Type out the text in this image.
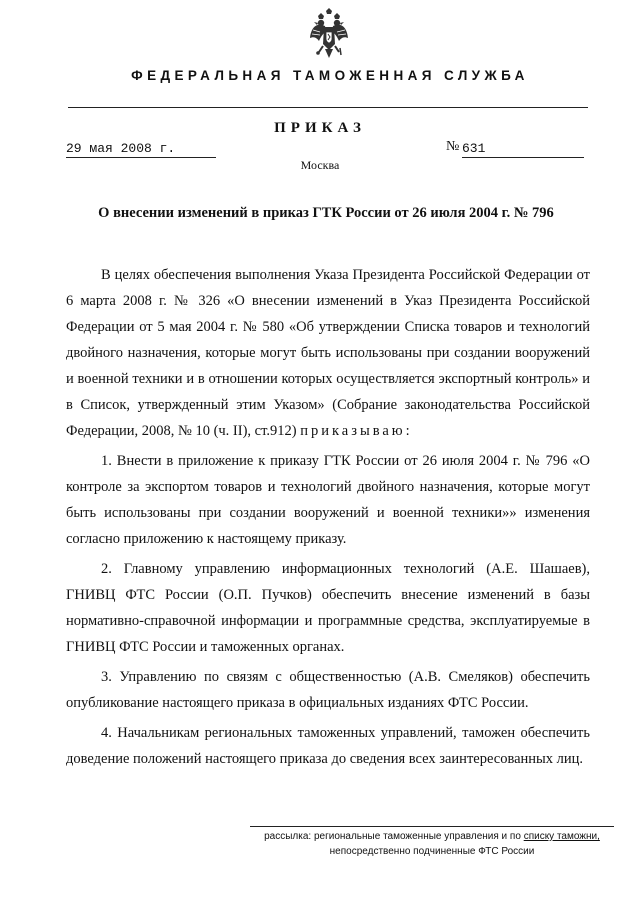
ФЕДЕРАЛЬНАЯ ТАМОЖЕННАЯ СЛУЖБА
ПРИКАЗ
29 мая 2008 г.	№ 631
Москва
О внесении изменений в приказ ГТК России от 26 июля 2004 г. № 796

В целях обеспечения выполнения Указа Президента Российской Федерации от 6 марта 2008 г. № 326 «О внесении изменений в Указ Президента Российской Федерации от 5 мая 2004 г. № 580 «Об утверждении Списка товаров и технологий двойного назначения, которые могут быть использованы при создании вооружений и военной техники и в отношении которых осуществляется экспортный контроль» и в Список, утвержденный этим Указом» (Собрание законодательства Российской Федерации, 2008, № 10 (ч. II), ст.912) приказываю:

1. Внести в приложение к приказу ГТК России от 26 июля 2004 г. № 796 «О контроле за экспортом товаров и технологий двойного назначения, которые могут быть использованы при создании вооружений и военной техники»» изменения согласно приложению к настоящему приказу.

2. Главному управлению информационных технологий (А.Е. Шашаев), ГНИВЦ ФТС России (О.П. Пучков) обеспечить внесение изменений в базы нормативно-справочной информации и программные средства, эксплуатируемые в ГНИВЦ ФТС России и таможенных органах.

3. Управлению по связям с общественностью (А.В. Смеляков) обеспечить опубликование настоящего приказа в официальных изданиях ФТС России.

4. Начальникам региональных таможенных управлений, таможен обеспечить доведение положений настоящего приказа до сведения всех заинтересованных лиц.

рассылка: региональные таможенные управления и по списку таможни,
непосредственно подчиненные ФТС России
